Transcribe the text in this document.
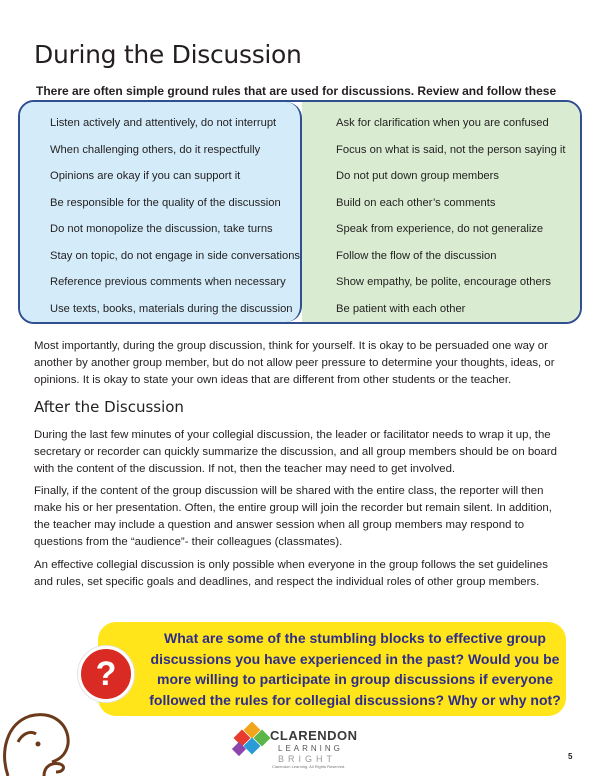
During the Discussion
There are often simple ground rules that are used for discussions. Review and follow these
Listen actively and attentively, do not interrupt
When challenging others, do it respectfully
Opinions are okay if you can support it
Be responsible for the quality of the discussion
Do not monopolize the discussion, take turns
Stay on topic, do not engage in side conversations
Reference previous comments when necessary
Use texts, books, materials during the discussion
Ask for clarification when you are confused
Focus on what is said, not the person saying it
Do not put down group members
Build on each other’s comments
Speak from experience, do not generalize
Follow the flow of the discussion
Show empathy, be polite, encourage others
Be patient with each other

Most importantly, during the group discussion, think for yourself. It is okay to be persuaded one way or another by another group member, but do not allow peer pressure to determine your thoughts, ideas, or opinions. It is okay to state your own ideas that are different from other students or the teacher.

After the Discussion

During the last few minutes of your collegial discussion, the leader or facilitator needs to wrap it up, the secretary or recorder can quickly summarize the discussion, and all group members should be on board with the content of the discussion. If not, then the teacher may need to get involved.

Finally, if the content of the group discussion will be shared with the entire class, the reporter will then make his or her presentation. Often, the entire group will join the recorder but remain silent. In addition, the teacher may include a question and answer session when all group members may respond to questions from the “audience”- their colleagues (classmates).

An effective collegial discussion is only possible when everyone in the group follows the set guidelines and rules, set specific goals and deadlines, and respect the individual roles of other group members.

What are some of the stumbling blocks to effective group discussions you have experienced in the past? Would you be more willing to participate in group discussions if everyone followed the rules for collegial discussions? Why or why not?
?
CLARENDON
LEARNING
BRIGHT
Clarendon Learning. All Rights Reserved.
5
